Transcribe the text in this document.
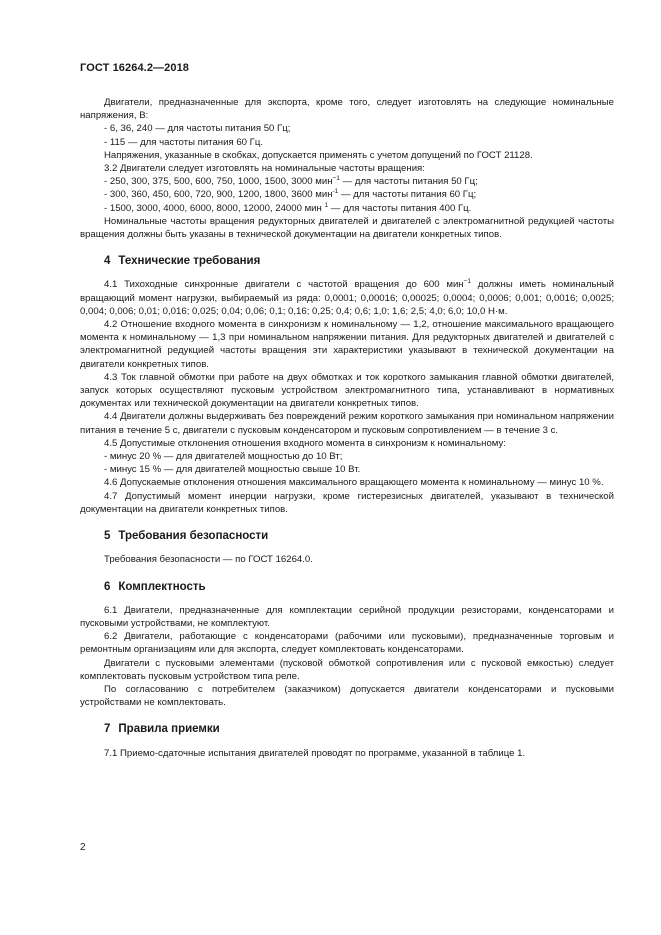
ГОСТ 16264.2—2018

Двигатели, предназначенные для экспорта, кроме того, следует изготовлять на следующие номинальные напряжения, В:

- 6, 36, 240 — для частоты питания 50 Гц;

- 115 — для частоты питания 60 Гц.

Напряжения, указанные в скобках, допускается применять с учетом допущений по ГОСТ 21128.

3.2 Двигатели следует изготовлять на номинальные частоты вращения:

- 250, 300, 375, 500, 600, 750, 1000, 1500, 3000 мин$^{-1}$ — для частоты питания 50 Гц;

- 300, 360, 450, 600, 720, 900, 1200, 1800, 3600 мин$^{-1}$ — для частоты питания 60 Гц;

- 1500, 3000, 4000, 6000, 8000, 12000, 24000 мин $^1$ — для частоты питания 400 Гц.

Номинальные частоты вращения редукторных двигателей и двигателей с электромагнитной редукцией частоты вращения должны быть указаны в технической документации на двигатели конкретных типов.

4 Технические требования

4.1 Тихоходные синхронные двигатели с частотой вращения до 600 мин$^{-1}$ должны иметь номинальный вращающий момент нагрузки, выбираемый из ряда: 0,0001; 0,00016; 0,00025; 0,0004; 0,0006; 0,001; 0,0016; 0,0025; 0,004; 0,006; 0,01; 0,016; 0,025; 0,04; 0,06; 0,1; 0,16; 0,25; 0,4; 0,6; 1,0; 1,6; 2,5; 4,0; 6,0; 10,0 Н·м.

4.2 Отношение входного момента в синхронизм к номинальному — 1,2, отношение максимального вращающего момента к номинальному — 1,3 при номинальном напряжении питания. Для редукторных двигателей и двигателей с электромагнитной редукцией частоты вращения эти характеристики указывают в технической документации на двигатели конкретных типов.

4.3 Ток главной обмотки при работе на двух обмотках и ток короткого замыкания главной обмотки двигателей, запуск которых осуществляют пусковым устройством электромагнитного типа, устанавливают в нормативных документах или технической документации на двигатели конкретных типов.

4.4 Двигатели должны выдерживать без повреждений режим короткого замыкания при номинальном напряжении питания в течение 5 с, двигатели с пусковым конденсатором и пусковым сопротивлением — в течение 3 с.

4.5 Допустимые отклонения отношения входного момента в синхронизм к номинальному:

- минус 20 % — для двигателей мощностью до 10 Вт;

- минус 15 % — для двигателей мощностью свыше 10 Вт.

4.6 Допускаемые отклонения отношения максимального вращающего момента к номинальному — минус 10 %.

4.7 Допустимый момент инерции нагрузки, кроме гистерезисных двигателей, указывают в технической документации на двигатели конкретных типов.

5 Требования безопасности

Требования безопасности — по ГОСТ 16264.0.

6 Комплектность

6.1 Двигатели, предназначенные для комплектации серийной продукции резисторами, конденсаторами и пусковыми устройствами, не комплектуют.

6.2 Двигатели, работающие с конденсаторами (рабочими или пусковыми), предназначенные торговым и ремонтным организациям или для экспорта, следует комплектовать конденсаторами.

Двигатели с пусковыми элементами (пусковой обмоткой сопротивления или с пусковой емкостью) следует комплектовать пусковым устройством типа реле.

По согласованию с потребителем (заказчиком) допускается двигатели конденсаторами и пусковыми устройствами не комплектовать.

7 Правила приемки

7.1 Приемо-сдаточные испытания двигателей проводят по программе, указанной в таблице 1.

2
